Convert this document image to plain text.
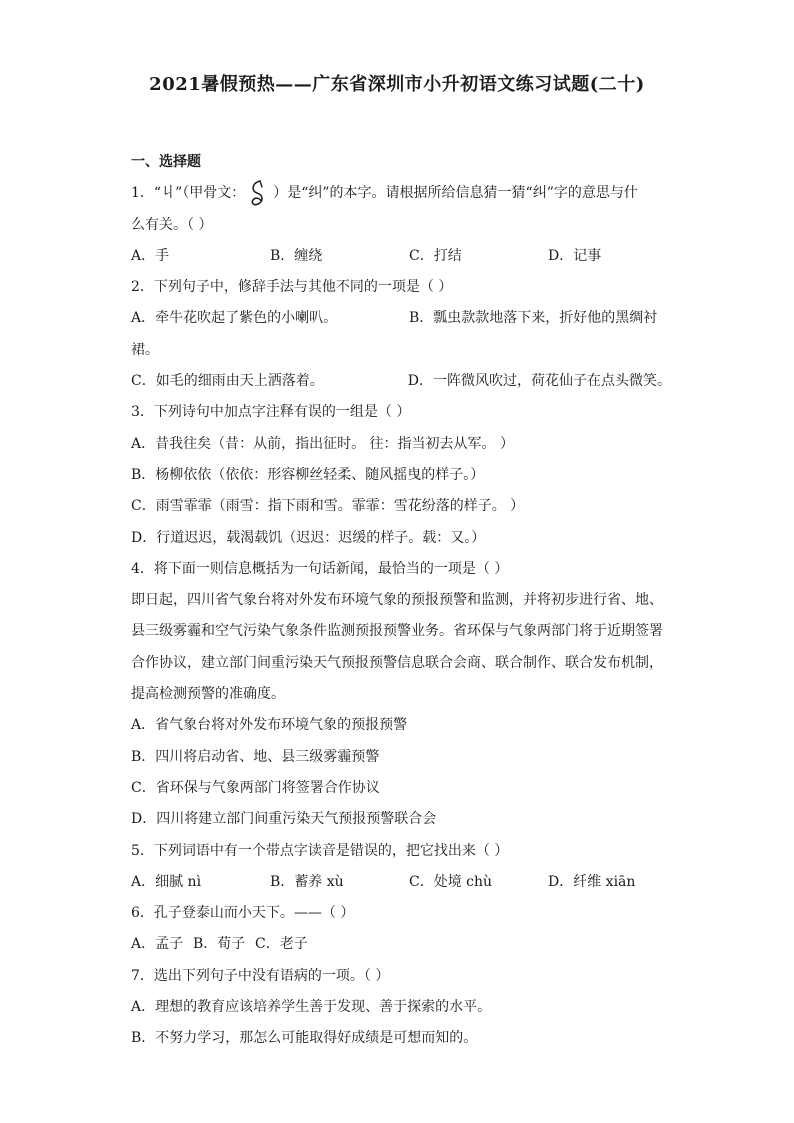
2021暑假预热——广东省深圳市小升初语文练习试题(二十)
一、选择题
1．“丩”（甲骨文： ）是“纠”的本字。请根据所给信息猜一猜“纠”字的意思与什
么有关。（ ）
A．手	B．缠绕	C．打结	D．记事
2．下列句子中，修辞手法与其他不同的一项是（ ）
A．牵牛花吹起了紫色的小喇叭。	B．瓢虫款款地落下来，折好他的黑绸衬
裙。
C．如毛的细雨由天上洒落着。	D．一阵微风吹过，荷花仙子在点头微笑。
3．下列诗句中加点字注释有误的一组是（ ）
A．昔我往矣（昔：从前，指出征时。 往：指当初去从军。 ）
B．杨柳依依（依依：形容柳丝轻柔、随风摇曳的样子。）
C．雨雪霏霏（雨雪：指下雨和雪。霏霏：雪花纷落的样子。 ）
D．行道迟迟，载渴载饥（迟迟：迟缓的样子。载：又。）
4．将下面一则信息概括为一句话新闻，最恰当的一项是（ ）
即日起，四川省气象台将对外发布环境气象的预报预警和监测，并将初步进行省、地、
县三级雾霾和空气污染气象条件监测预报预警业务。省环保与气象两部门将于近期签署
合作协议，建立部门间重污染天气预报预警信息联合会商、联合制作、联合发布机制，
提高检测预警的准确度。
A．省气象台将对外发布环境气象的预报预警
B．四川将启动省、地、县三级雾霾预警
C．省环保与气象两部门将签署合作协议
D．四川将建立部门间重污染天气预报预警联合会
5．下列词语中有一个带点字读音是错误的，把它找出来（ ）
A．细腻 nì	B．蓄养 xù	C．处境 chù	D．纤维 xiān
6．孔子登泰山而小天下。——（ ）
A．孟子 B．荀子 C．老子
7．选出下列句子中没有语病的一项。（ ）
A．理想的教育应该培养学生善于发现、善于探索的水平。
B．不努力学习，那怎么可能取得好成绩是可想而知的。
